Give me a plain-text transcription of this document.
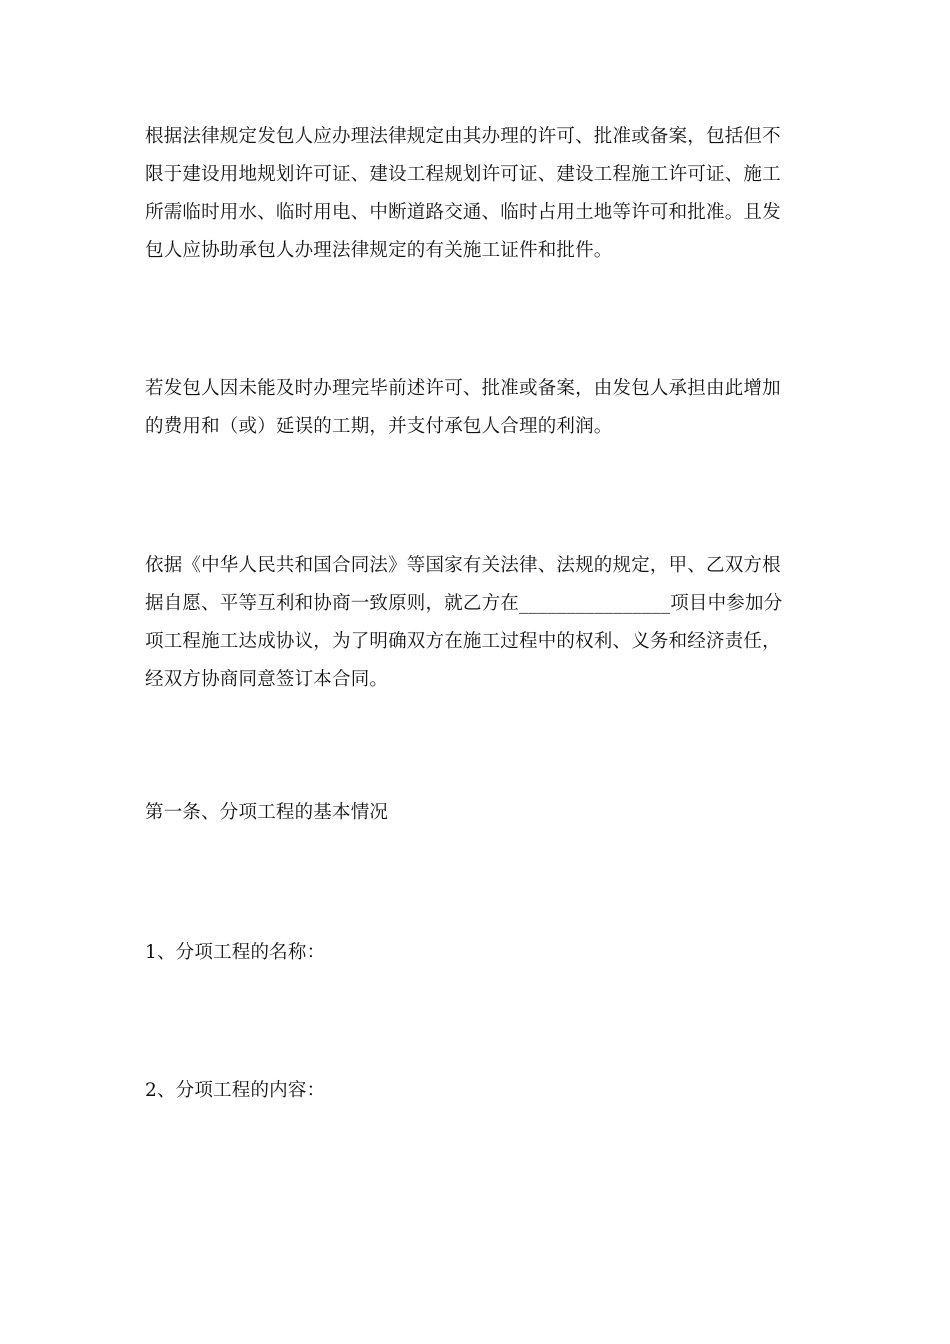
根据法律规定发包人应办理法律规定由其办理的许可、批准或备案，包括但不
限于建设用地规划许可证、建设工程规划许可证、建设工程施工许可证、施工
所需临时用水、临时用电、中断道路交通、临时占用土地等许可和批准。且发
包人应协助承包人办理法律规定的有关施工证件和批件。
若发包人因未能及时办理完毕前述许可、批准或备案，由发包人承担由此增加
的费用和（或）延误的工期，并支付承包人合理的利润。
依据《中华人民共和国合同法》等国家有关法律、法规的规定，甲、乙双方根
据自愿、平等互利和协商一致原则，就乙方在________________项目中参加分
项工程施工达成协议，为了明确双方在施工过程中的权利、义务和经济责任，
经双方协商同意签订本合同。
第一条、分项工程的基本情况
1、分项工程的名称：
2、分项工程的内容：
